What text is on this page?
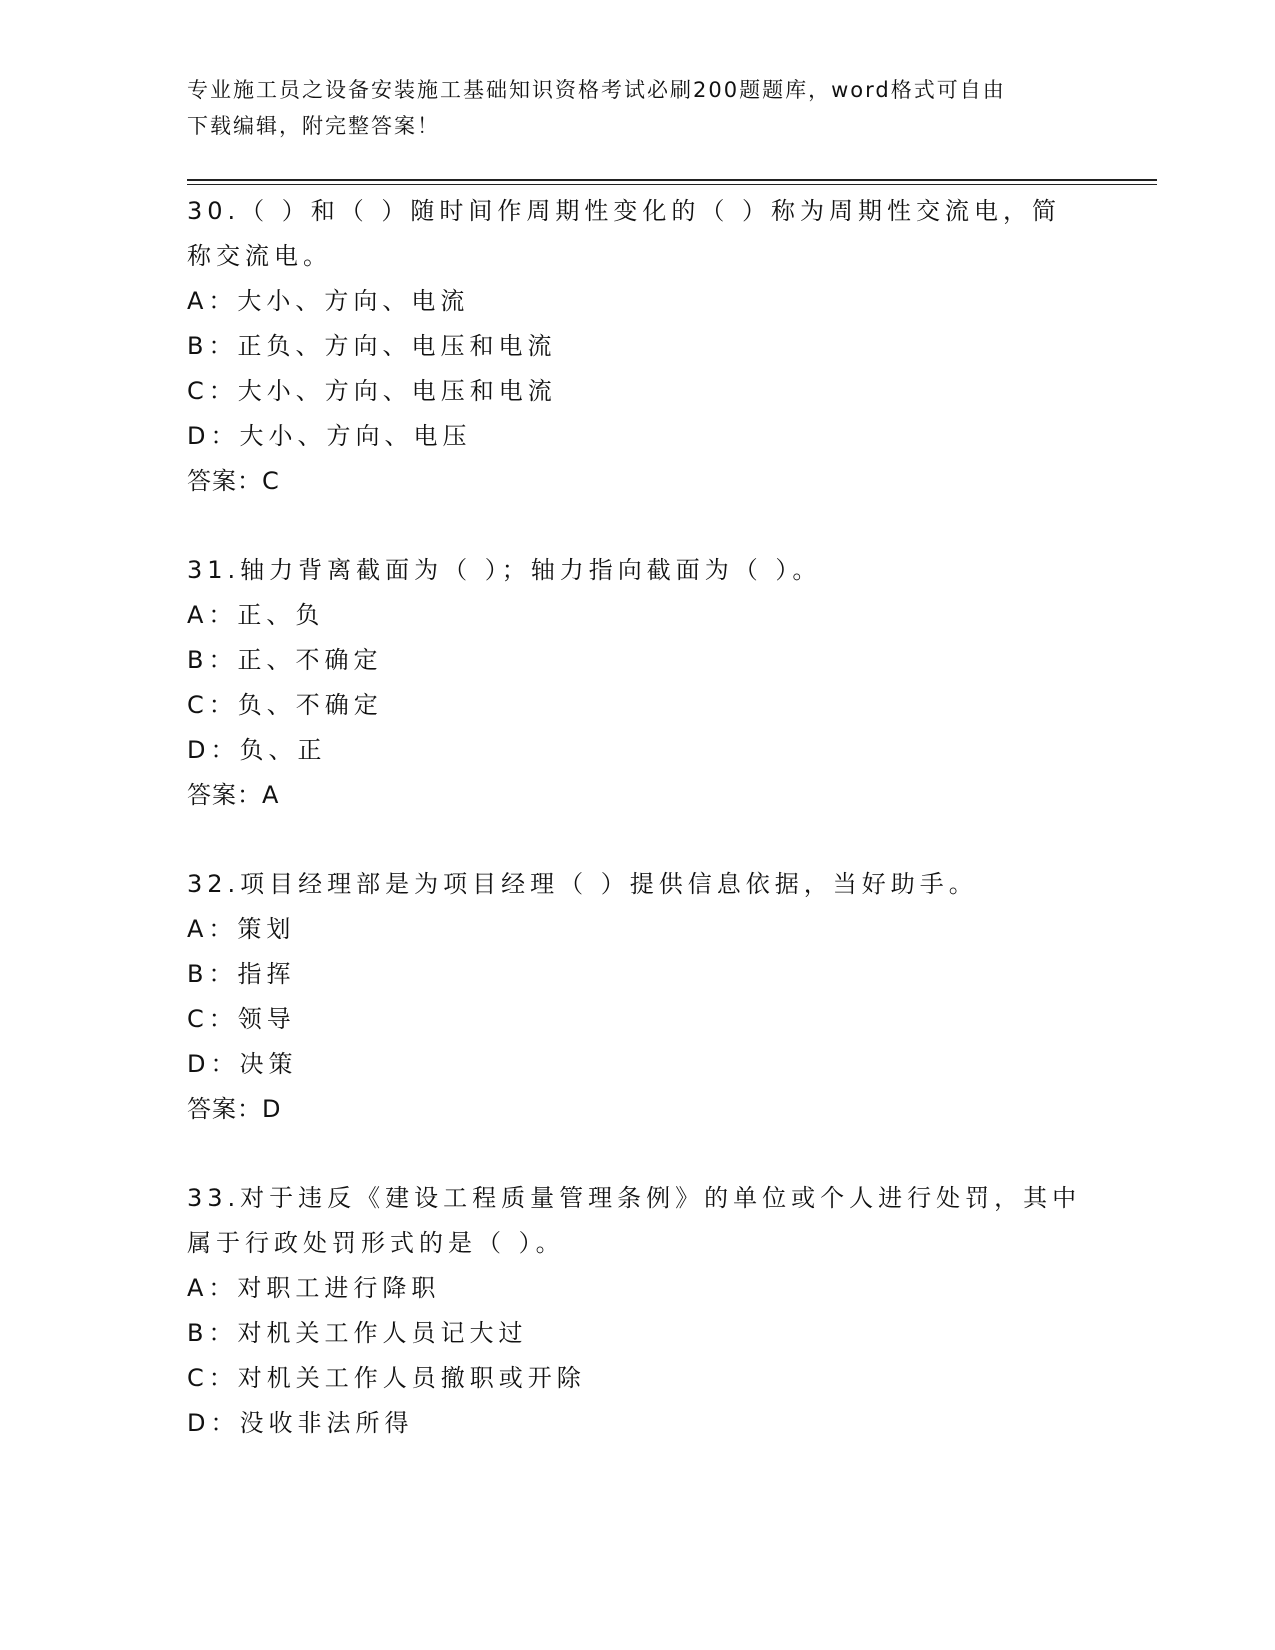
专业施工员之设备安装施工基础知识资格考试必刷200题题库，word格式可自由
下载编辑，附完整答案！
30.（ ）和（ ）随时间作周期性变化的（ ）称为周期性交流电，简
称交流电。
A：大小、方向、电流
B：正负、方向、电压和电流
C：大小、方向、电压和电流
D：大小、方向、电压
答案：C
31.轴力背离截面为（ ）；轴力指向截面为（ ）。
A：正、负
B：正、不确定
C：负、不确定
D：负、正
答案：A
32.项目经理部是为项目经理（ ）提供信息依据，当好助手。
A：策划
B：指挥
C：领导
D：决策
答案：D
33.对于违反《建设工程质量管理条例》的单位或个人进行处罚，其中
属于行政处罚形式的是（ ）。
A：对职工进行降职
B：对机关工作人员记大过
C：对机关工作人员撤职或开除
D：没收非法所得
